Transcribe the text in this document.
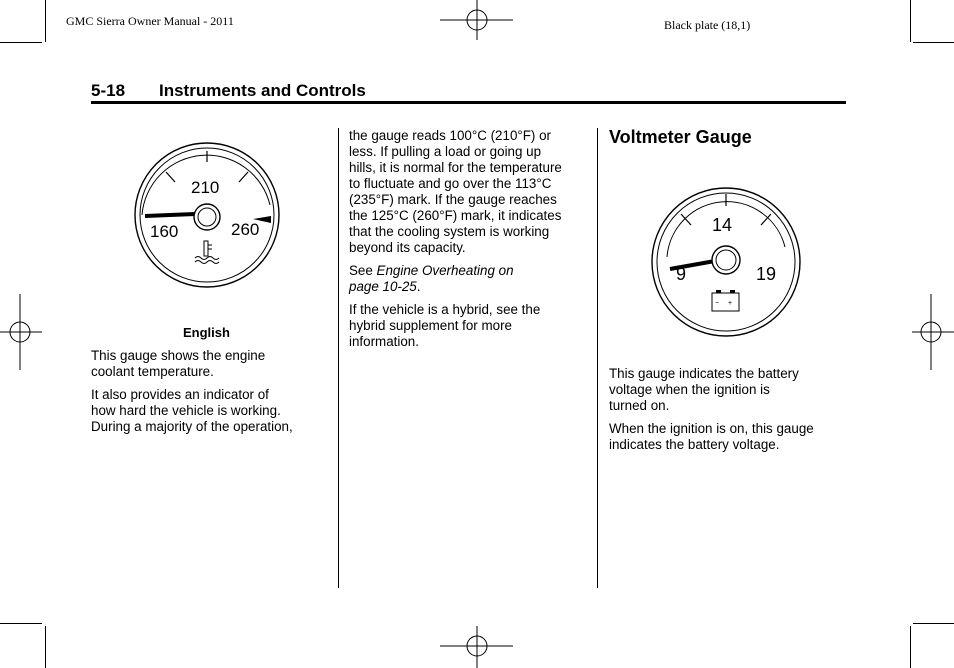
GMC Sierra Owner Manual - 2011	Black plate (18,1)
5-18 Instruments and Controls
210
160	260
English

This gauge shows the engine
coolant temperature.

It also provides an indicator of
how hard the vehicle is working.
During a majority of the operation,

the gauge reads 100°C (210°F) or
less. If pulling a load or going up
hills, it is normal for the temperature
to fluctuate and go over the 113°C
(235°F) mark. If the gauge reaches
the 125°C (260°F) mark, it indicates
that the cooling system is working
beyond its capacity.

See Engine Overheating on
page 10‑25.

If the vehicle is a hybrid, see the
hybrid supplement for more
information.

Voltmeter Gauge
14
9	19
− +

This gauge indicates the battery
voltage when the ignition is
turned on.

When the ignition is on, this gauge
indicates the battery voltage.
